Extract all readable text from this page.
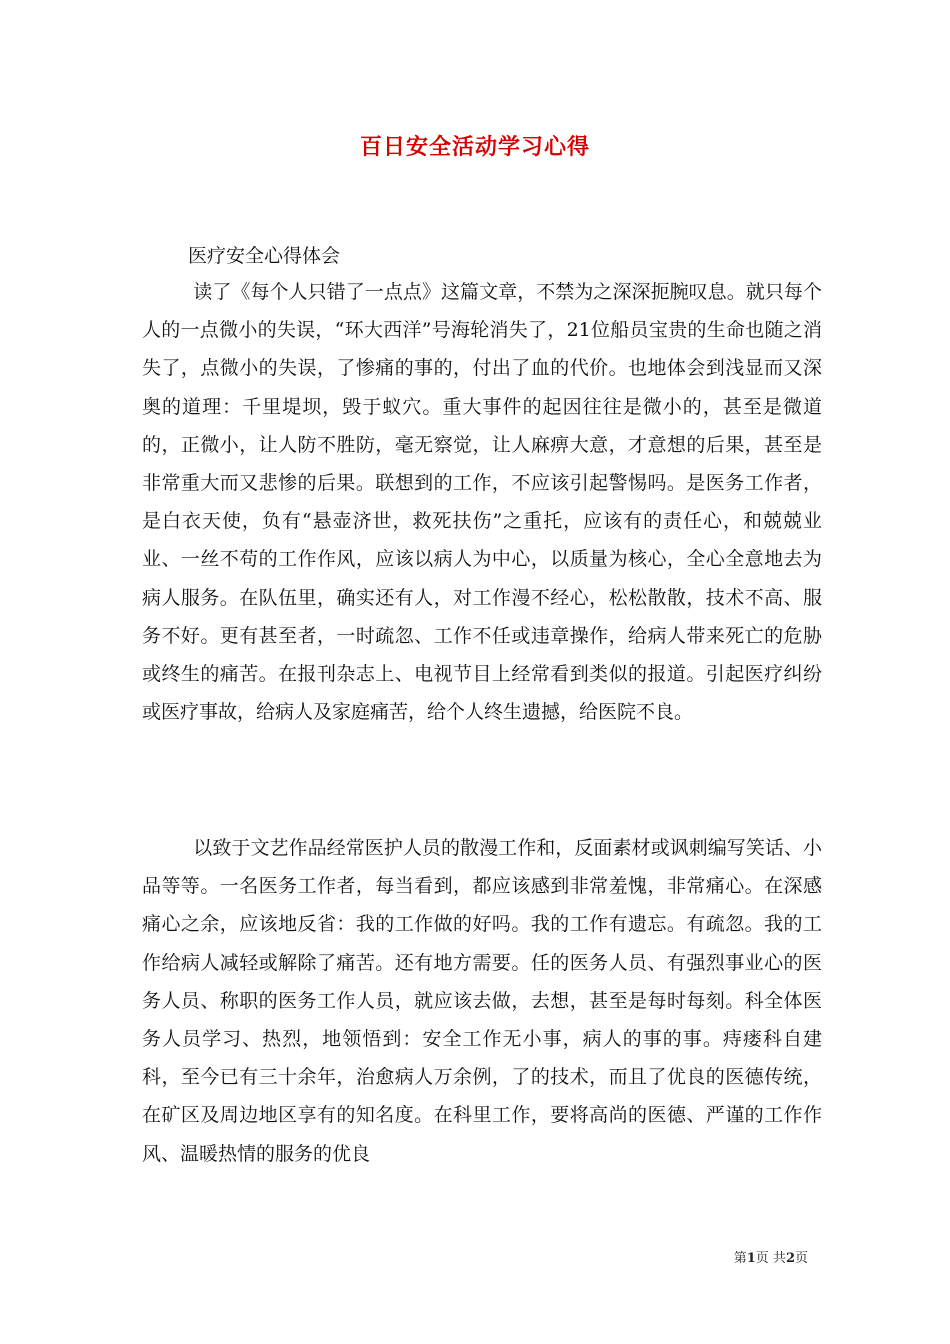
百日安全活动学习心得
医疗安全心得体会

读了《每个人只错了一点点》这篇文章，不禁为之深深扼腕叹息。就只每个人的一点微小的失误，“环大西洋”号海轮消失了，21位船员宝贵的生命也随之消失了，点微小的失误，了惨痛的事的，付出了血的代价。也地体会到浅显而又深奥的道理：千里堤坝，毁于蚁穴。重大事件的起因往往是微小的，甚至是微道的，正微小，让人防不胜防，毫无察觉，让人麻痹大意，才意想的后果，甚至是非常重大而又悲惨的后果。联想到的工作，不应该引起警惕吗。是医务工作者，是白衣天使，负有“悬壶济世，救死扶伤”之重托，应该有的责任心，和兢兢业业、一丝不苟的工作作风，应该以病人为中心，以质量为核心，全心全意地去为病人服务。在队伍里，确实还有人，对工作漫不经心，松松散散，技术不高、服务不好。更有甚至者，一时疏忽、工作不任或违章操作，给病人带来死亡的危胁或终生的痛苦。在报刊杂志上、电视节目上经常看到类似的报道。引起医疗纠纷或医疗事故，给病人及家庭痛苦，给个人终生遗撼，给医院不良。

以致于文艺作品经常医护人员的散漫工作和，反面素材或讽刺编写笑话、小品等等。一名医务工作者，每当看到，都应该感到非常羞愧，非常痛心。在深感痛心之余，应该地反省：我的工作做的好吗。我的工作有遗忘。有疏忽。我的工作给病人减轻或解除了痛苦。还有地方需要。任的医务人员、有强烈事业心的医务人员、称职的医务工作人员，就应该去做，去想，甚至是每时每刻。科全体医务人员学习、热烈，地领悟到：安全工作无小事，病人的事的事。痔瘘科自建科，至今已有三十余年，治愈病人万余例，了的技术，而且了优良的医德传统，在矿区及周边地区享有的知名度。在科里工作，要将高尚的医德、严谨的工作作风、温暖热情的服务的优良

第1页 共2页
